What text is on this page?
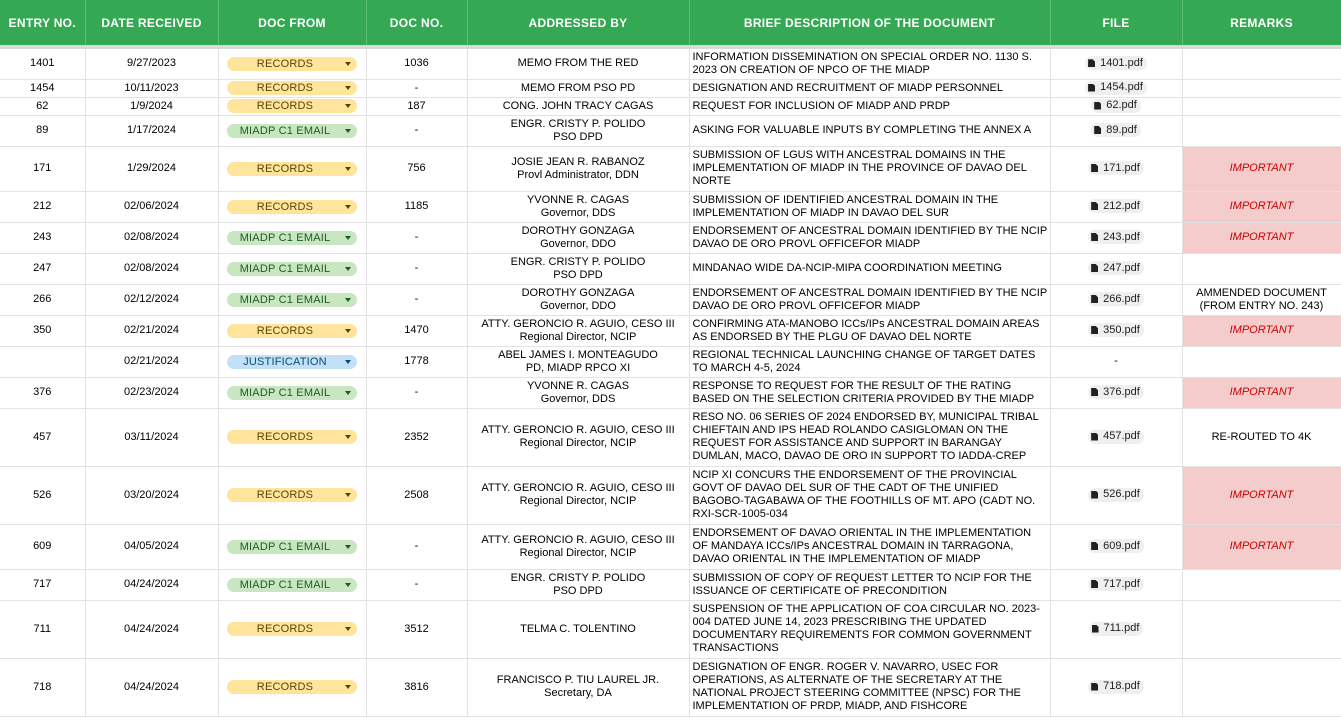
ENTRY NO.	DATE RECEIVED	DOC FROM	DOC NO.	ADDRESSED BY	BRIEF DESCRIPTION OF THE DOCUMENT	FILE	REMARKS
1401	9/27/2023	RECORDS	1036	MEMO FROM THE RED	INFORMATION DISSEMINATION ON SPECIAL ORDER NO. 1130 S. 2023 ON CREATION OF NPCO OF THE MIADP	1401.pdf	

1454	10/11/2023	RECORDS	-	MEMO FROM PSO PD	DESIGNATION AND RECRUITMENT OF MIADP PERSONNEL	1454.pdf	

62	1/9/2024	RECORDS	187	CONG. JOHN TRACY CAGAS	REQUEST FOR INCLUSION OF MIADP AND PRDP	62.pdf	

89	1/17/2024	MIADP C1 EMAIL	-	ENGR. CRISTY P. POLIDO
PSO DPD	ASKING FOR VALUABLE INPUTS BY COMPLETING THE ANNEX A	89.pdf	

171	1/29/2024	RECORDS	756	JOSIE JEAN R. RABANOZ
Provl Administrator, DDN	SUBMISSION OF LGUS WITH ANCESTRAL DOMAINS IN THE IMPLEMENTATION OF MIADP IN THE PROVINCE OF DAVAO DEL NORTE	171.pdf	IMPORTANT
212	02/06/2024	RECORDS	1185	YVONNE R. CAGAS
Governor, DDS	SUBMISSION OF IDENTIFIED ANCESTRAL DOMAIN IN THE IMPLEMENTATION OF MIADP IN DAVAO DEL SUR	212.pdf	IMPORTANT
243	02/08/2024	MIADP C1 EMAIL	-	DOROTHY GONZAGA
Governor, DDO	ENDORSEMENT OF ANCESTRAL DOMAIN IDENTIFIED BY THE NCIP DAVAO DE ORO PROVL OFFICEFOR MIADP	243.pdf	IMPORTANT
247	02/08/2024	MIADP C1 EMAIL	-	ENGR. CRISTY P. POLIDO
PSO DPD	MINDANAO WIDE DA-NCIP-MIPA COORDINATION MEETING	247.pdf	

266	02/12/2024	MIADP C1 EMAIL	-	DOROTHY GONZAGA
Governor, DDO	ENDORSEMENT OF ANCESTRAL DOMAIN IDENTIFIED BY THE NCIP DAVAO DE ORO PROVL OFFICEFOR MIADP	266.pdf	AMMENDED DOCUMENT (FROM ENTRY NO. 243)
350	02/21/2024	RECORDS	1470	ATTY. GERONCIO R. AGUIO, CESO III
Regional Director, NCIP	CONFIRMING ATA-MANOBO ICCs/IPs ANCESTRAL DOMAIN AREAS AS ENDORSED BY THE PLGU OF DAVAO DEL NORTE	350.pdf	IMPORTANT
	02/21/2024	JUSTIFICATION	1778	ABEL JAMES I. MONTEAGUDO
PD, MIADP RPCO XI	REGIONAL TECHNICAL LAUNCHING CHANGE OF TARGET DATES TO MARCH 4-5, 2024	-	
376	02/23/2024	MIADP C1 EMAIL	-	YVONNE R. CAGAS
Governor, DDS	RESPONSE TO REQUEST FOR THE RESULT OF THE RATING BASED ON THE SELECTION CRITERIA PROVIDED BY THE MIADP	376.pdf	IMPORTANT
457	03/11/2024	RECORDS	2352	ATTY. GERONCIO R. AGUIO, CESO III
Regional Director, NCIP	RESO NO. 06 SERIES OF 2024 ENDORSED BY, MUNICIPAL TRIBAL CHIEFTAIN AND IPS HEAD ROLANDO CASIGLOMAN ON THE REQUEST FOR ASSISTANCE AND SUPPORT IN BARANGAY DUMLAN, MACO, DAVAO DE ORO IN SUPPORT TO IADDA-CREP	457.pdf	RE-ROUTED TO 4K
526	03/20/2024	RECORDS	2508	ATTY. GERONCIO R. AGUIO, CESO III
Regional Director, NCIP	NCIP XI CONCURS THE ENDORSEMENT OF THE PROVINCIAL GOVT OF DAVAO DEL SUR OF THE CADT OF THE UNIFIED BAGOBO-TAGABAWA OF THE FOOTHILLS OF MT. APO (CADT NO. RXI-SCR-1005-034	526.pdf	IMPORTANT
609	04/05/2024	MIADP C1 EMAIL	-	ATTY. GERONCIO R. AGUIO, CESO III
Regional Director, NCIP	ENDORSEMENT OF DAVAO ORIENTAL IN THE IMPLEMENTATION OF MANDAYA ICCs/IPs ANCESTRAL DOMAIN IN TARRAGONA, DAVAO ORIENTAL IN THE IMPLEMENTATION OF MIADP	609.pdf	IMPORTANT
717	04/24/2024	MIADP C1 EMAIL	-	ENGR. CRISTY P. POLIDO
PSO DPD	SUBMISSION OF COPY OF REQUEST LETTER TO NCIP FOR THE ISSUANCE OF CERTIFICATE OF PRECONDITION	717.pdf	

711	04/24/2024	RECORDS	3512	TELMA C. TOLENTINO	SUSPENSION OF THE APPLICATION OF COA CIRCULAR NO. 2023-004 DATED JUNE 14, 2023 PRESCRIBING THE UPDATED DOCUMENTARY REQUIREMENTS FOR COMMON GOVERNMENT TRANSACTIONS	711.pdf	

718	04/24/2024	RECORDS	3816	FRANCISCO P. TIU LAUREL JR.
Secretary, DA	DESIGNATION OF ENGR. ROGER V. NAVARRO, USEC FOR OPERATIONS, AS ALTERNATE OF THE SECRETARY AT THE NATIONAL PROJECT STEERING COMMITTEE (NPSC) FOR THE IMPLEMENTATION OF PRDP, MIADP, AND FISHCORE	718.pdf	
